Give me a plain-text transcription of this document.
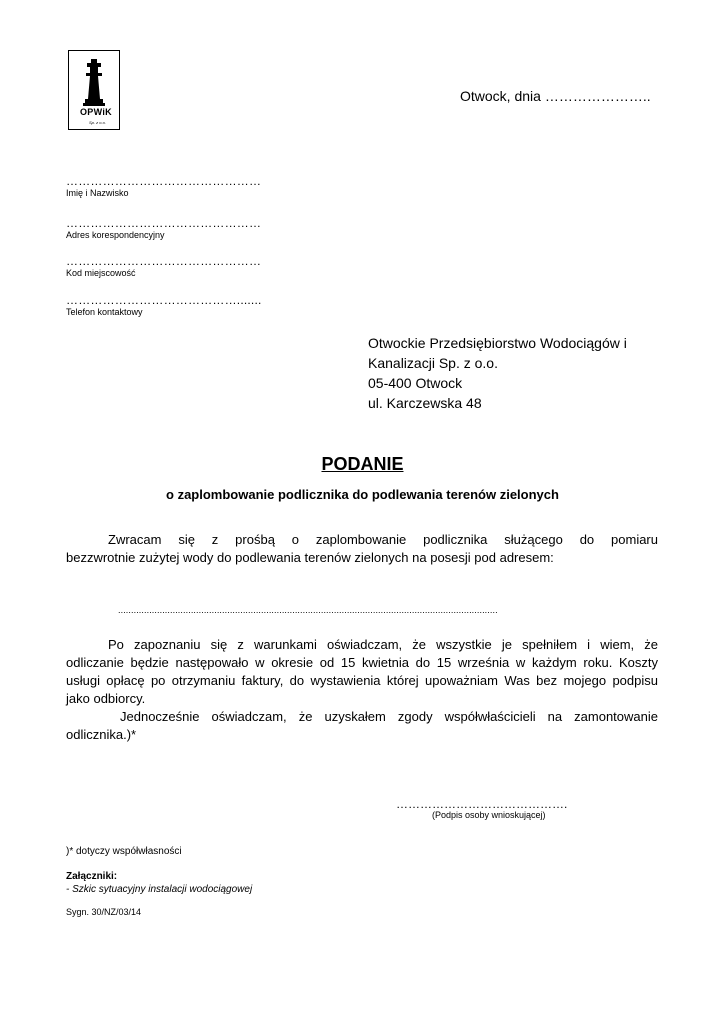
OPWiK
Sp. z o.o.
Otwock, dnia …………………..
…………………………………………
Imię i Nazwisko
…………………………………………
Adres korespondencyjny
…………………………………………
Kod miejscowość
…………………………………….......
Telefon kontaktowy
Otwockie Przedsiębiorstwo Wodociągów i
Kanalizacji Sp. z o.o.
05-400 Otwock
ul. Karczewska 48
PODANIE
o zaplombowanie podlicznika do podlewania terenów zielonych
Zwracam się z prośbą o zaplombowanie podlicznika służącego do pomiaru
bezzwrotnie zużytej wody do podlewania terenów zielonych na posesji pod adresem:
..................................................................................................................................................
Po zapoznaniu się z warunkami oświadczam, że wszystkie je spełniłem i wiem, że
odliczanie będzie następowało w okresie od 15 kwietnia do 15 września w każdym roku. Koszty
usługi opłacę po otrzymaniu faktury, do wystawienia której upoważniam Was bez mojego podpisu
jako odbiorcy.
Jednocześnie oświadczam, że uzyskałem zgody współwłaścicieli na zamontowanie
odlicznika.)*
…………………………………….
(Podpis osoby wnioskującej)
)* dotyczy współwłasności
Załączniki:
- Szkic sytuacyjny instalacji wodociągowej
Sygn. 30/NZ/03/14
